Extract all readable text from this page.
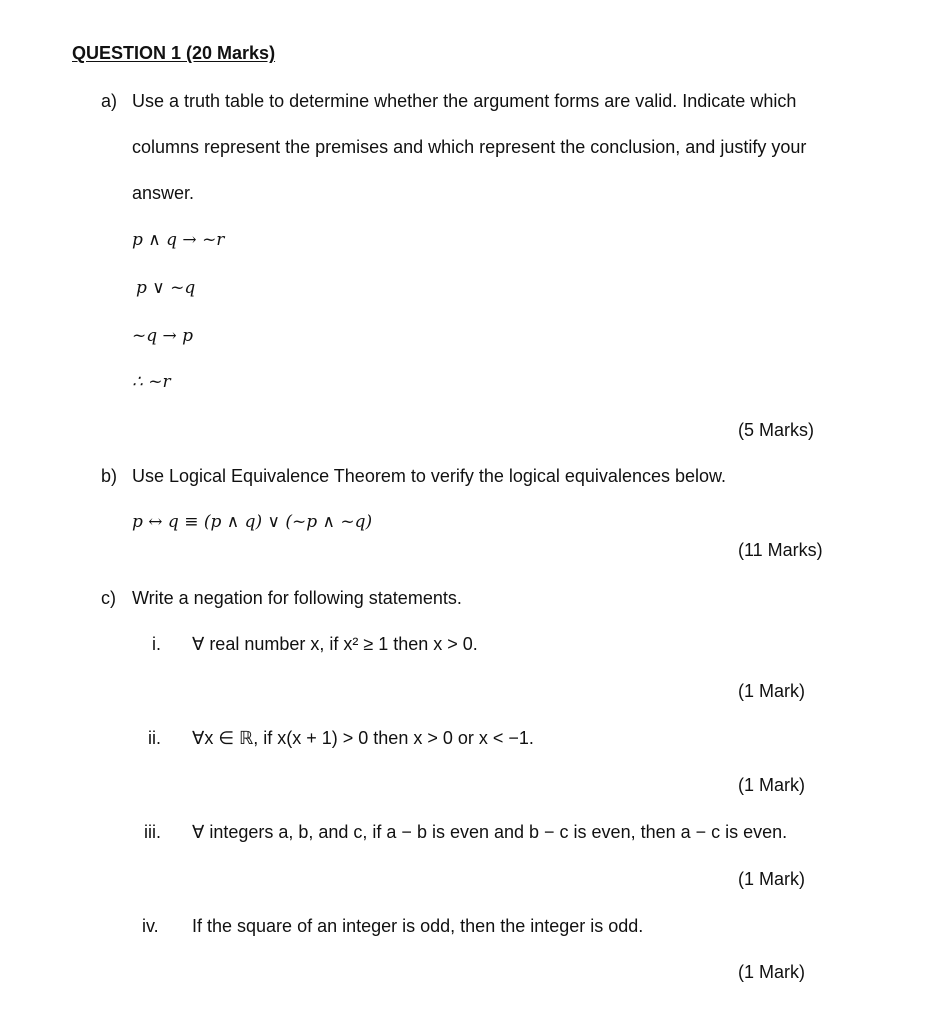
QUESTION 1 (20 Marks)
a) Use a truth table to determine whether the argument forms are valid. Indicate which
columns represent the premises and which represent the conclusion, and justify your
answer.
p ∧ q → ~r
p ∨ ~q
~q → p
∴ ~r
(5 Marks)
b) Use Logical Equivalence Theorem to verify the logical equivalences below.
p ↔ q ≡ (p ∧ q) ∨ (~p ∧ ~q)
(11 Marks)
c) Write a negation for following statements.
i. ∀ real number x, if x² ≥ 1 then x > 0.
(1 Mark)
ii. ∀x ∈ ℝ, if x(x + 1) > 0 then x > 0 or x < −1.
(1 Mark)
iii. ∀ integers a, b, and c, if a − b is even and b − c is even, then a − c is even.
(1 Mark)
iv. If the square of an integer is odd, then the integer is odd.
(1 Mark)
